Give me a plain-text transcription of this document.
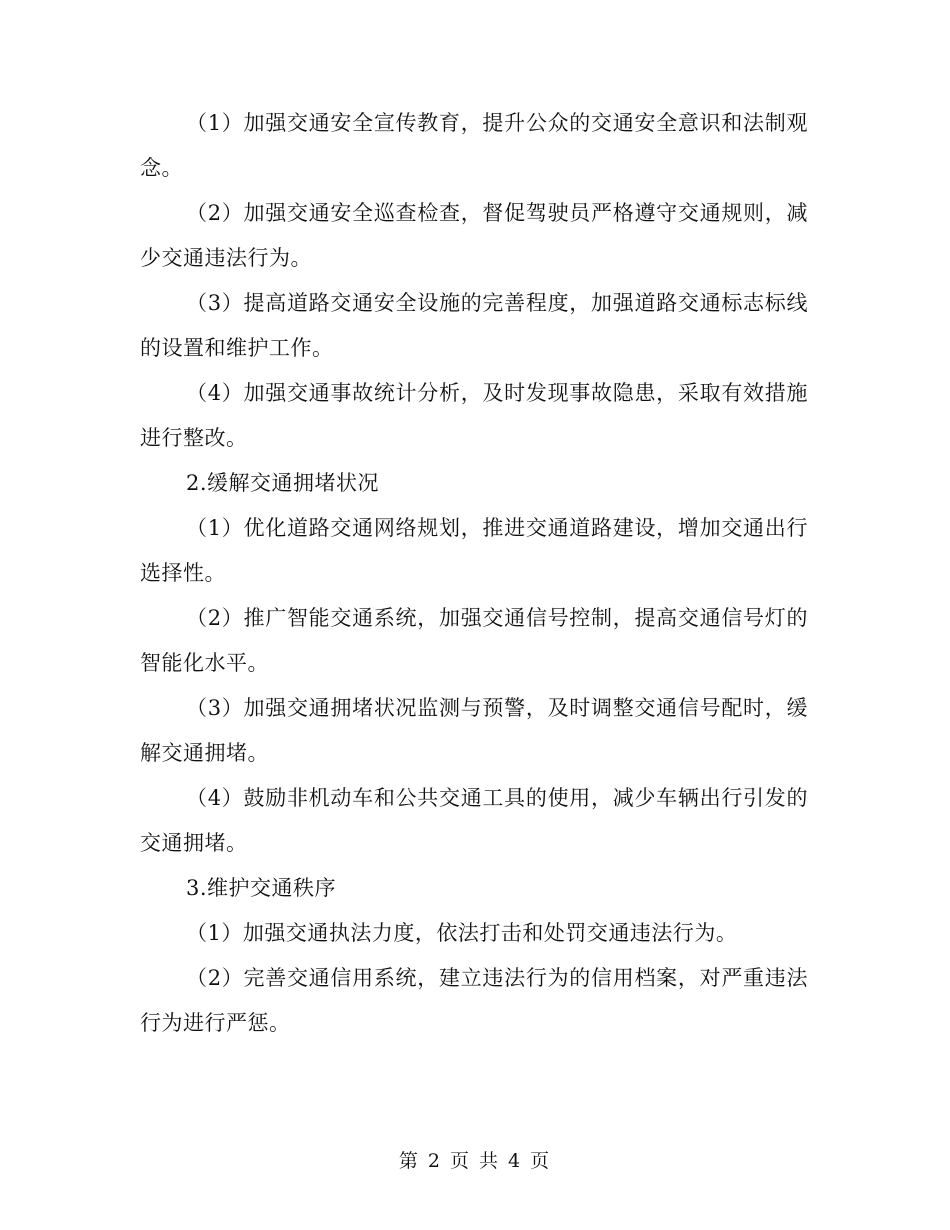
（1）加强交通安全宣传教育，提升公众的交通安全意识和法制观念。

（2）加强交通安全巡查检查，督促驾驶员严格遵守交通规则，减少交通违法行为。

（3）提高道路交通安全设施的完善程度，加强道路交通标志标线的设置和维护工作。

（4）加强交通事故统计分析，及时发现事故隐患，采取有效措施进行整改。

2.缓解交通拥堵状况

（1）优化道路交通网络规划，推进交通道路建设，增加交通出行选择性。

（2）推广智能交通系统，加强交通信号控制，提高交通信号灯的智能化水平。

（3）加强交通拥堵状况监测与预警，及时调整交通信号配时，缓解交通拥堵。

（4）鼓励非机动车和公共交通工具的使用，减少车辆出行引发的交通拥堵。

3.维护交通秩序

（1）加强交通执法力度，依法打击和处罚交通违法行为。

（2）完善交通信用系统，建立违法行为的信用档案，对严重违法行为进行严惩。

第 2 页 共 4 页
